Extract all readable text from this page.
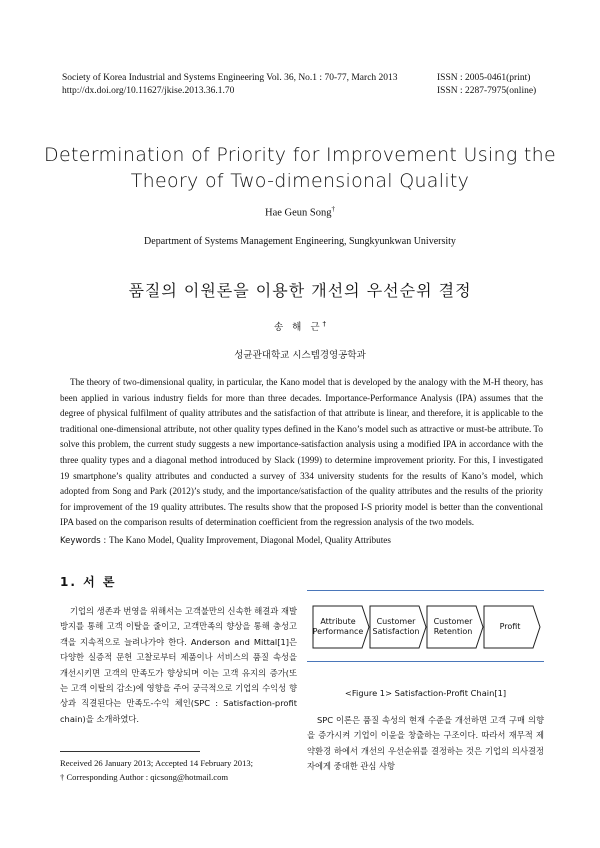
Society of Korea Industrial and Systems Engineering Vol. 36, No.1 : 70-77, March 2013
http://dx.doi.org/10.11627/jkise.2013.36.1.70
ISSN : 2005-0461(print)
ISSN : 2287-7975(online)
Determination of Priority for Improvement Using the
Theory of Two-dimensional Quality
Hae Geun Song†
Department of Systems Management Engineering, Sungkyunkwan University
품질의 이원론을 이용한 개선의 우선순위 결정
송 해 근†
성균관대학교 시스템경영공학과
The theory of two-dimensional quality, in particular, the Kano model that is developed by the analogy with the M-H theory, has been applied in various industry fields for more than three decades. Importance-Performance Analysis (IPA) assumes that the degree of physical fulfilment of quality attributes and the satisfaction of that attribute is linear, and therefore, it is applicable to the traditional one-dimensional attribute, not other quality types defined in the Kano’s model such as attractive or must-be attribute. To solve this problem, the current study suggests a new importance-satisfaction analysis using a modified IPA in accordance with the three quality types and a diagonal method introduced by Slack (1999) to determine improvement priority. For this, I investigated 19 smartphone’s quality attributes and conducted a survey of 334 university students for the results of Kano’s model, which adopted from Song and Park (2012)’s study, and the importance/satisfaction of the quality attributes and the results of the priority for improvement of the 19 quality attributes. The results show that the proposed I-S priority model is better than the conventional IPA based on the comparison results of determination coefficient from the regression analysis of the two models.
Keywords : The Kano Model, Quality Improvement, Diagonal Model, Quality Attributes
1. 서 론
기업의 생존과 번영을 위해서는 고객불만의 신속한 해결과 재발방지를 통해 고객 이탈을 줄이고, 고객만족의 향상을 통해 충성고객을 지속적으로 늘려나가야 한다. Anderson and Mittal[1]은 다양한 실증적 문헌 고찰로부터 제품이나 서비스의 품질 속성을 개선시키면 고객의 만족도가 향상되며 이는 고객 유지의 증가(또는 고객 이탈의 감소)에 영향을 주어 궁극적으로 기업의 수익성 향상과 직결된다는 만족도-수익 체인(SPC : Satisfaction-profit chain)을 소개하였다.
Received 26 January 2013; Accepted 14 February 2013;
† Corresponding Author : qicsong@hotmail.com
Attribute Performance
Customer Satisfaction
Customer Retention
Profit
<Figure 1> Satisfaction-Profit Chain[1]
SPC 이론은 품질 속성의 현재 수준을 개선하면 고객 구매 의향을 증가시켜 기업이 이윤을 창출하는 구조이다. 따라서 재무적 제약환경 하에서 개선의 우선순위를 결정하는 것은 기업의 의사결정자에게 중대한 관심 사항
